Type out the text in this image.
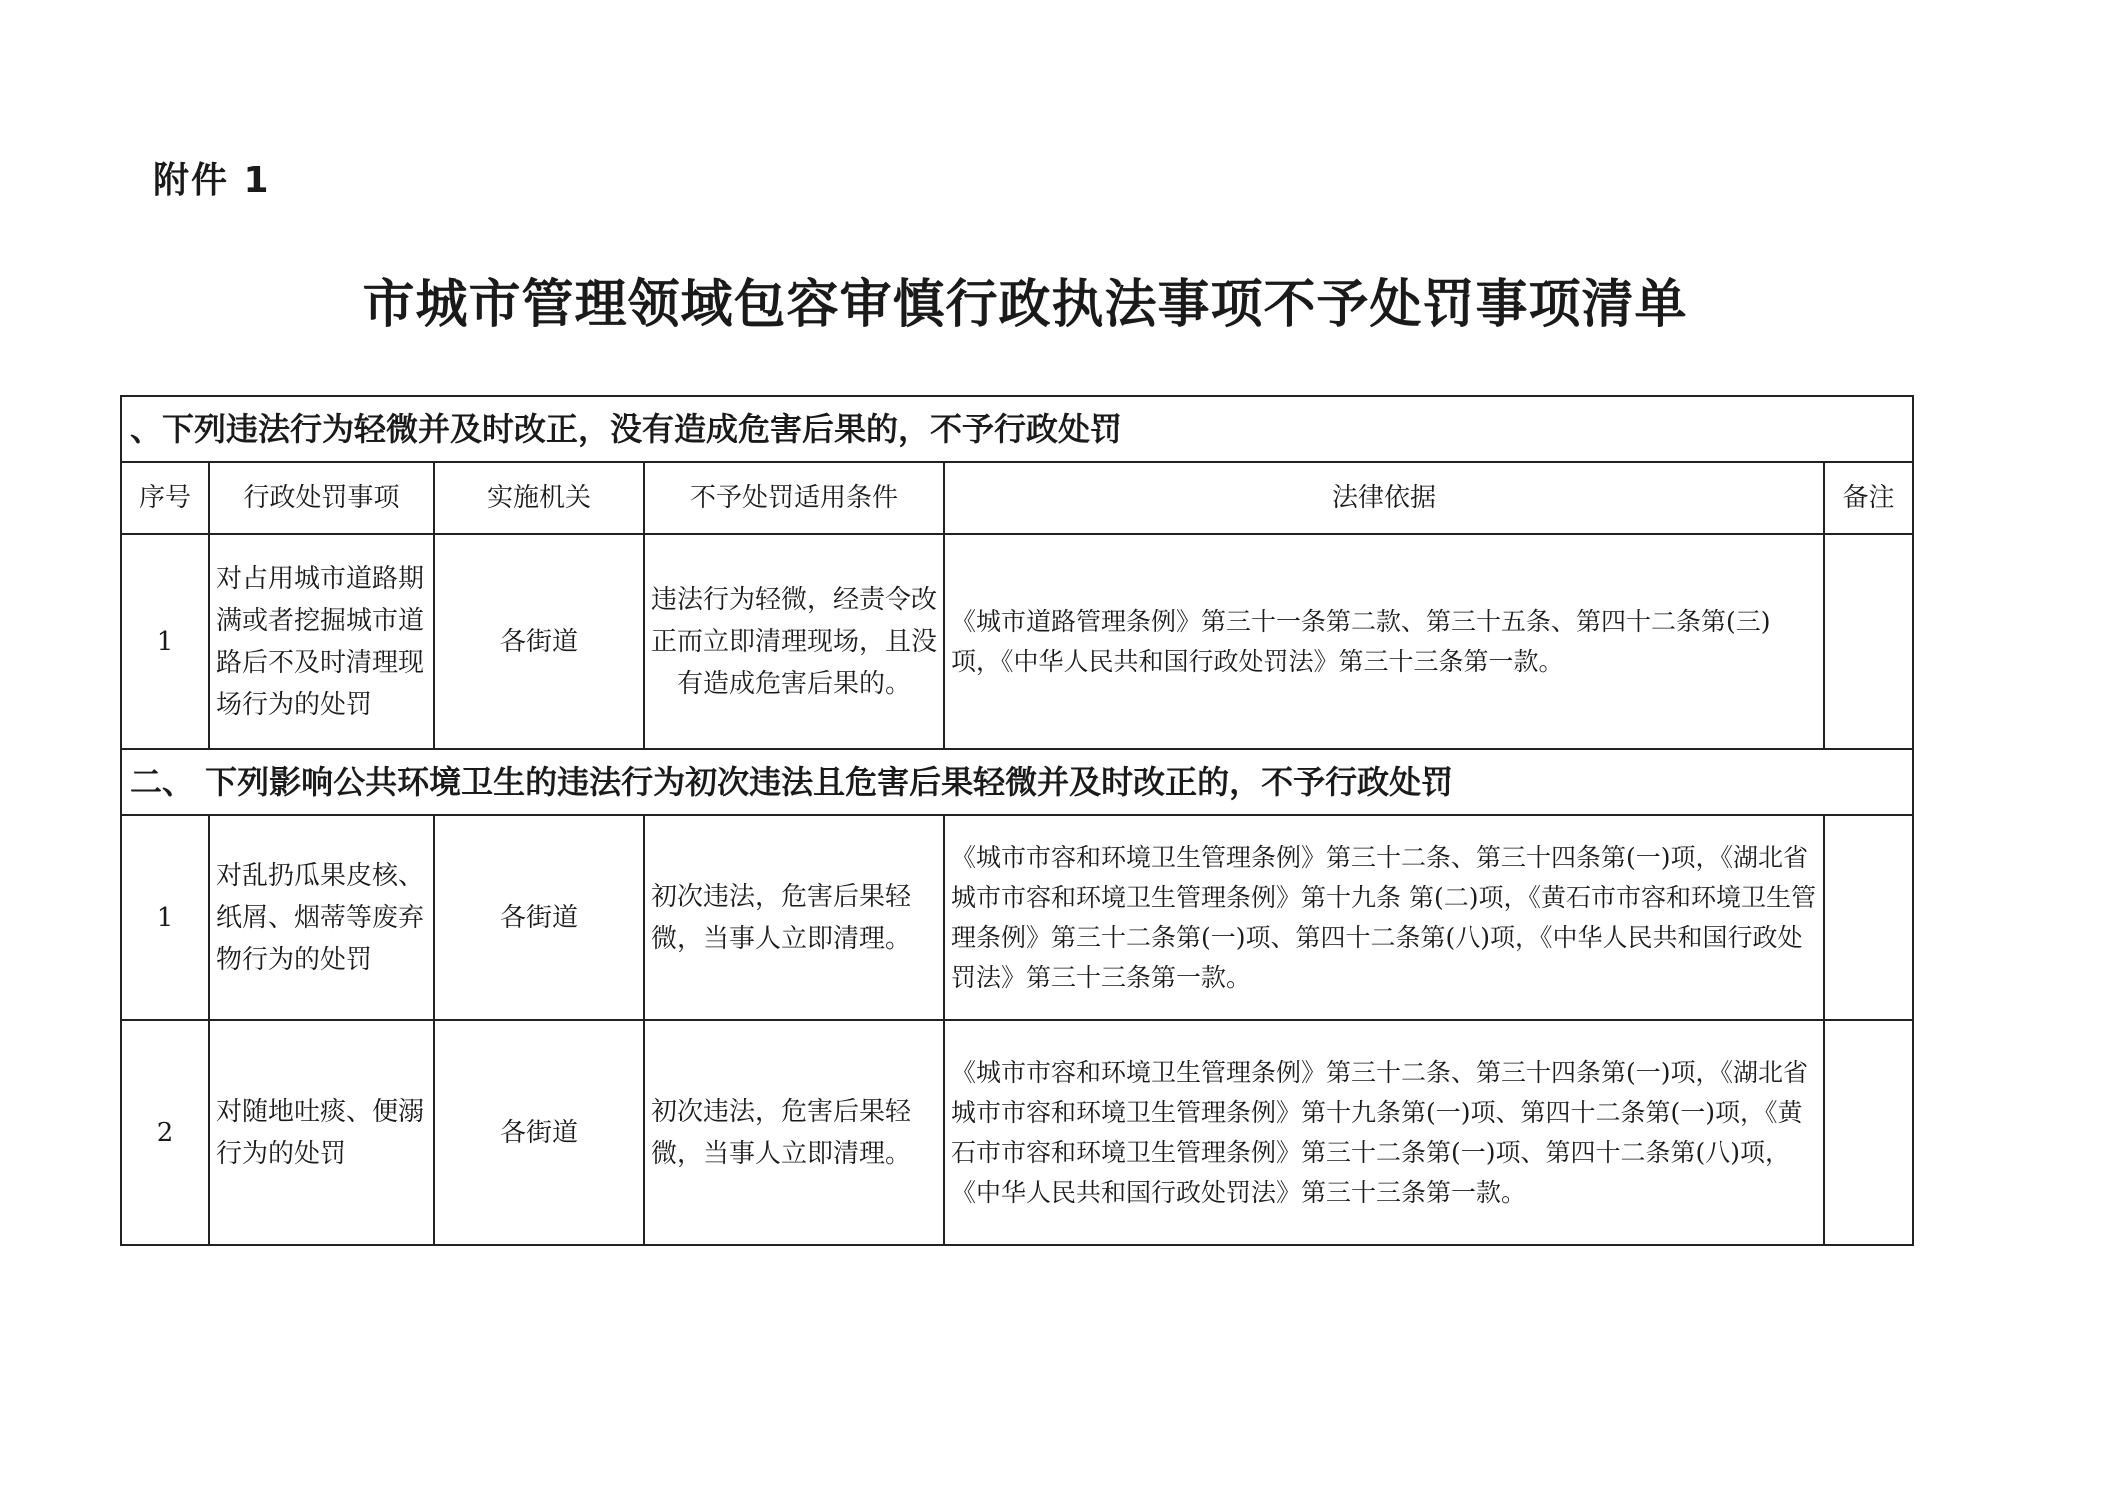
附件 1
市城市管理领域包容审慎行政执法事项不予处罚事项清单
、下列违法行为轻微并及时改正，没有造成危害后果的，不予行政处罚					
序号	行政处罚事项	实施机关	不予处罚适用条件	法律依据	备注
1	对占用城市道路期满或者挖掘城市道路后不及时清理现场行为的处罚	各街道	违法行为轻微，经责令改正而立即清理现场，且没有造成危害后果的。	《城市道路管理条例》第三十一条第二款、第三十五条、第四十二条第(三)项，《中华人民共和国行政处罚法》第三十三条第一款。	
二、 下列影响公共环境卫生的违法行为初次违法且危害后果轻微并及时改正的，不予行政处罚					
1	对乱扔瓜果皮核、纸屑、烟蒂等废弃物行为的处罚	各街道	初次违法，危害后果轻微，当事人立即清理。	《城市市容和环境卫生管理条例》第三十二条、第三十四条第(一)项，《湖北省城市市容和环境卫生管理条例》第十九条 第(二)项，《黄石市市容和环境卫生管理条例》第三十二条第(一)项、第四十二条第(八)项，《中华人民共和国行政处罚法》第三十三条第一款。	
2	对随地吐痰、便溺行为的处罚	各街道	初次违法，危害后果轻微，当事人立即清理。	《城市市容和环境卫生管理条例》第三十二条、第三十四条第(一)项，《湖北省城市市容和环境卫生管理条例》第十九条第(一)项、第四十二条第(一)项，《黄石市市容和环境卫生管理条例》第三十二条第(一)项、第四十二条第(八)项，《中华人民共和国行政处罚法》第三十三条第一款。	
